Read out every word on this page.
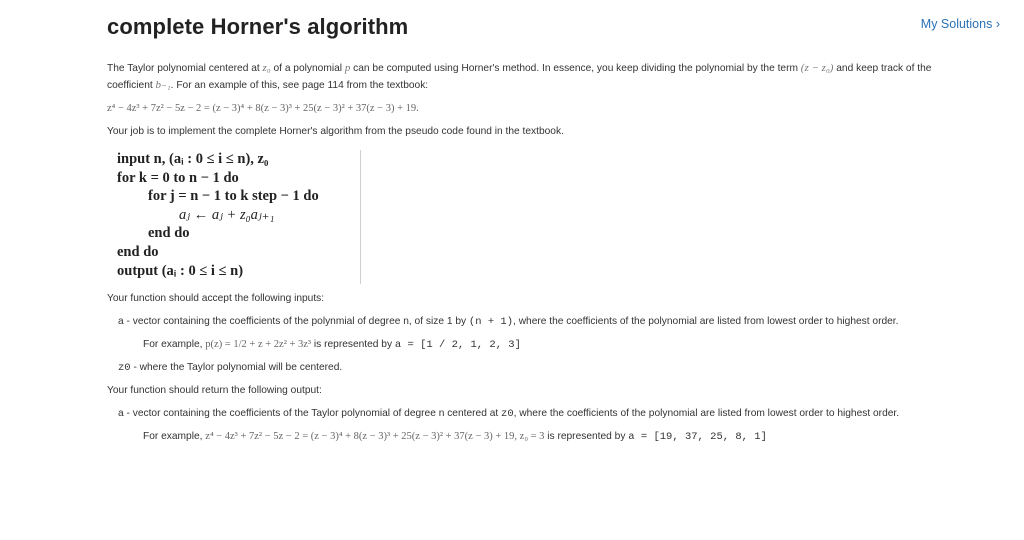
complete Horner's algorithm	My Solutions ›

The Taylor polynomial centered at z₀ of a polynomial p can be computed using Horner's method. In essence, you keep dividing the polynomial by the term (z − z₀) and keep track of the coefficient b₋₁. For an example of this, see page 114 from the textbook:

z⁴ − 4z³ + 7z² − 5z − 2 = (z − 3)⁴ + 8(z − 3)³ + 25(z − 3)² + 37(z − 3) + 19.

Your job is to implement the complete Horner's algorithm from the pseudo code found in the textbook.

input n, (aᵢ : 0 ≤ i ≤ n), z₀
for k = 0 to n − 1 do
for j = n − 1 to k step − 1 do
aⱼ ← aⱼ + z₀aⱼ₊₁
end do
end do
output (aᵢ : 0 ≤ i ≤ n)

Your function should accept the following inputs:

a - vector containing the coefficients of the polynmial of degree n, of size 1 by (n + 1), where the coefficients of the polynomial are listed from lowest order to highest order.

For example, p(z) = 1/2 + z + 2z² + 3z³ is represented by a = [1 / 2, 1, 2, 3]

z0 - where the Taylor polynomial will be centered.

Your function should return the following output:

a - vector containing the coefficients of the Taylor polynomial of degree n centered at z0, where the coefficients of the polynomial are listed from lowest order to highest order.

For example, z⁴ − 4z³ + 7z² − 5z − 2 = (z − 3)⁴ + 8(z − 3)³ + 25(z − 3)² + 37(z − 3) + 19, z₀ = 3 is represented by a = [19, 37, 25, 8, 1]
